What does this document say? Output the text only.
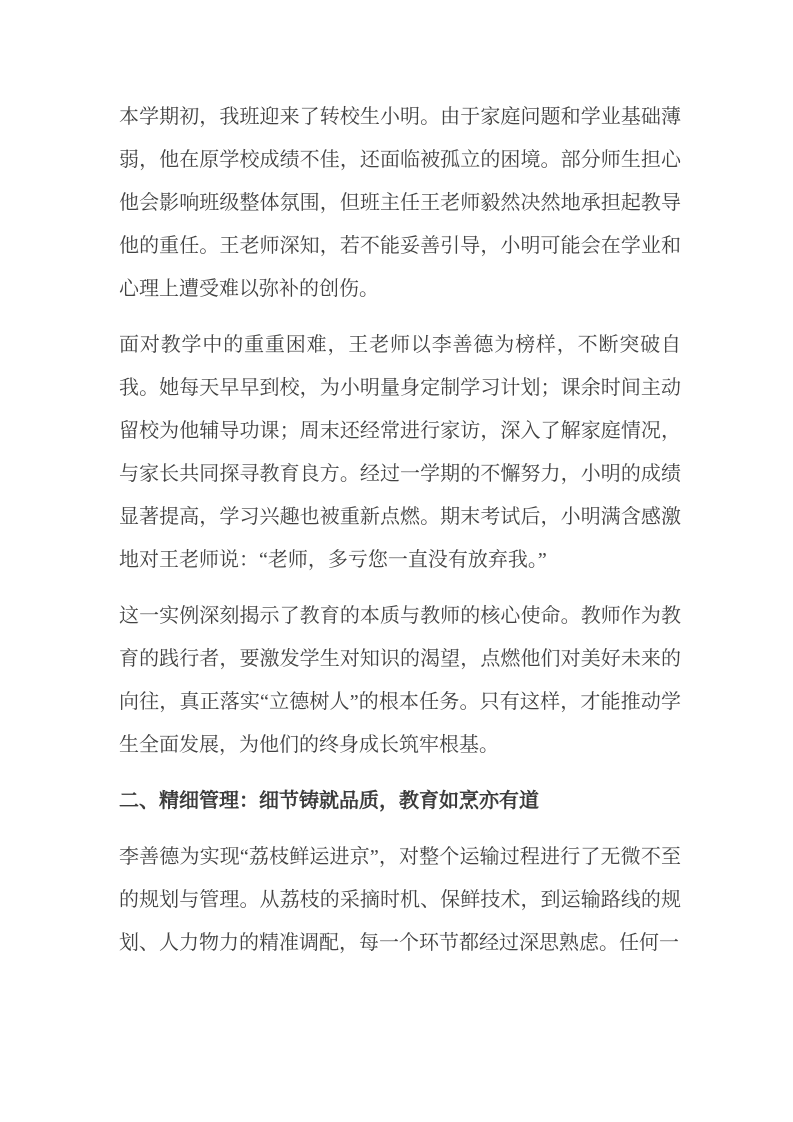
本学期初，我班迎来了转校生小明。由于家庭问题和学业基础薄弱，他在原学校成绩不佳，还面临被孤立的困境。部分师生担心他会影响班级整体氛围，但班主任王老师毅然决然地承担起教导他的重任。王老师深知，若不能妥善引导，小明可能会在学业和心理上遭受难以弥补的创伤。

面对教学中的重重困难，王老师以李善德为榜样，不断突破自我。她每天早早到校，为小明量身定制学习计划；课余时间主动留校为他辅导功课；周末还经常进行家访，深入了解家庭情况，与家长共同探寻教育良方。经过一学期的不懈努力，小明的成绩显著提高，学习兴趣也被重新点燃。期末考试后，小明满含感激地对王老师说：“老师，多亏您一直没有放弃我。”

这一实例深刻揭示了教育的本质与教师的核心使命。教师作为教育的践行者，要激发学生对知识的渴望，点燃他们对美好未来的向往，真正落实“立德树人”的根本任务。只有这样，才能推动学生全面发展，为他们的终身成长筑牢根基。

二、精细管理：细节铸就品质，教育如烹亦有道

李善德为实现“荔枝鲜运进京”，对整个运输过程进行了无微不至的规划与管理。从荔枝的采摘时机、保鲜技术，到运输路线的规划、人力物力的精准调配，每一个环节都经过深思熟虑。任何一
